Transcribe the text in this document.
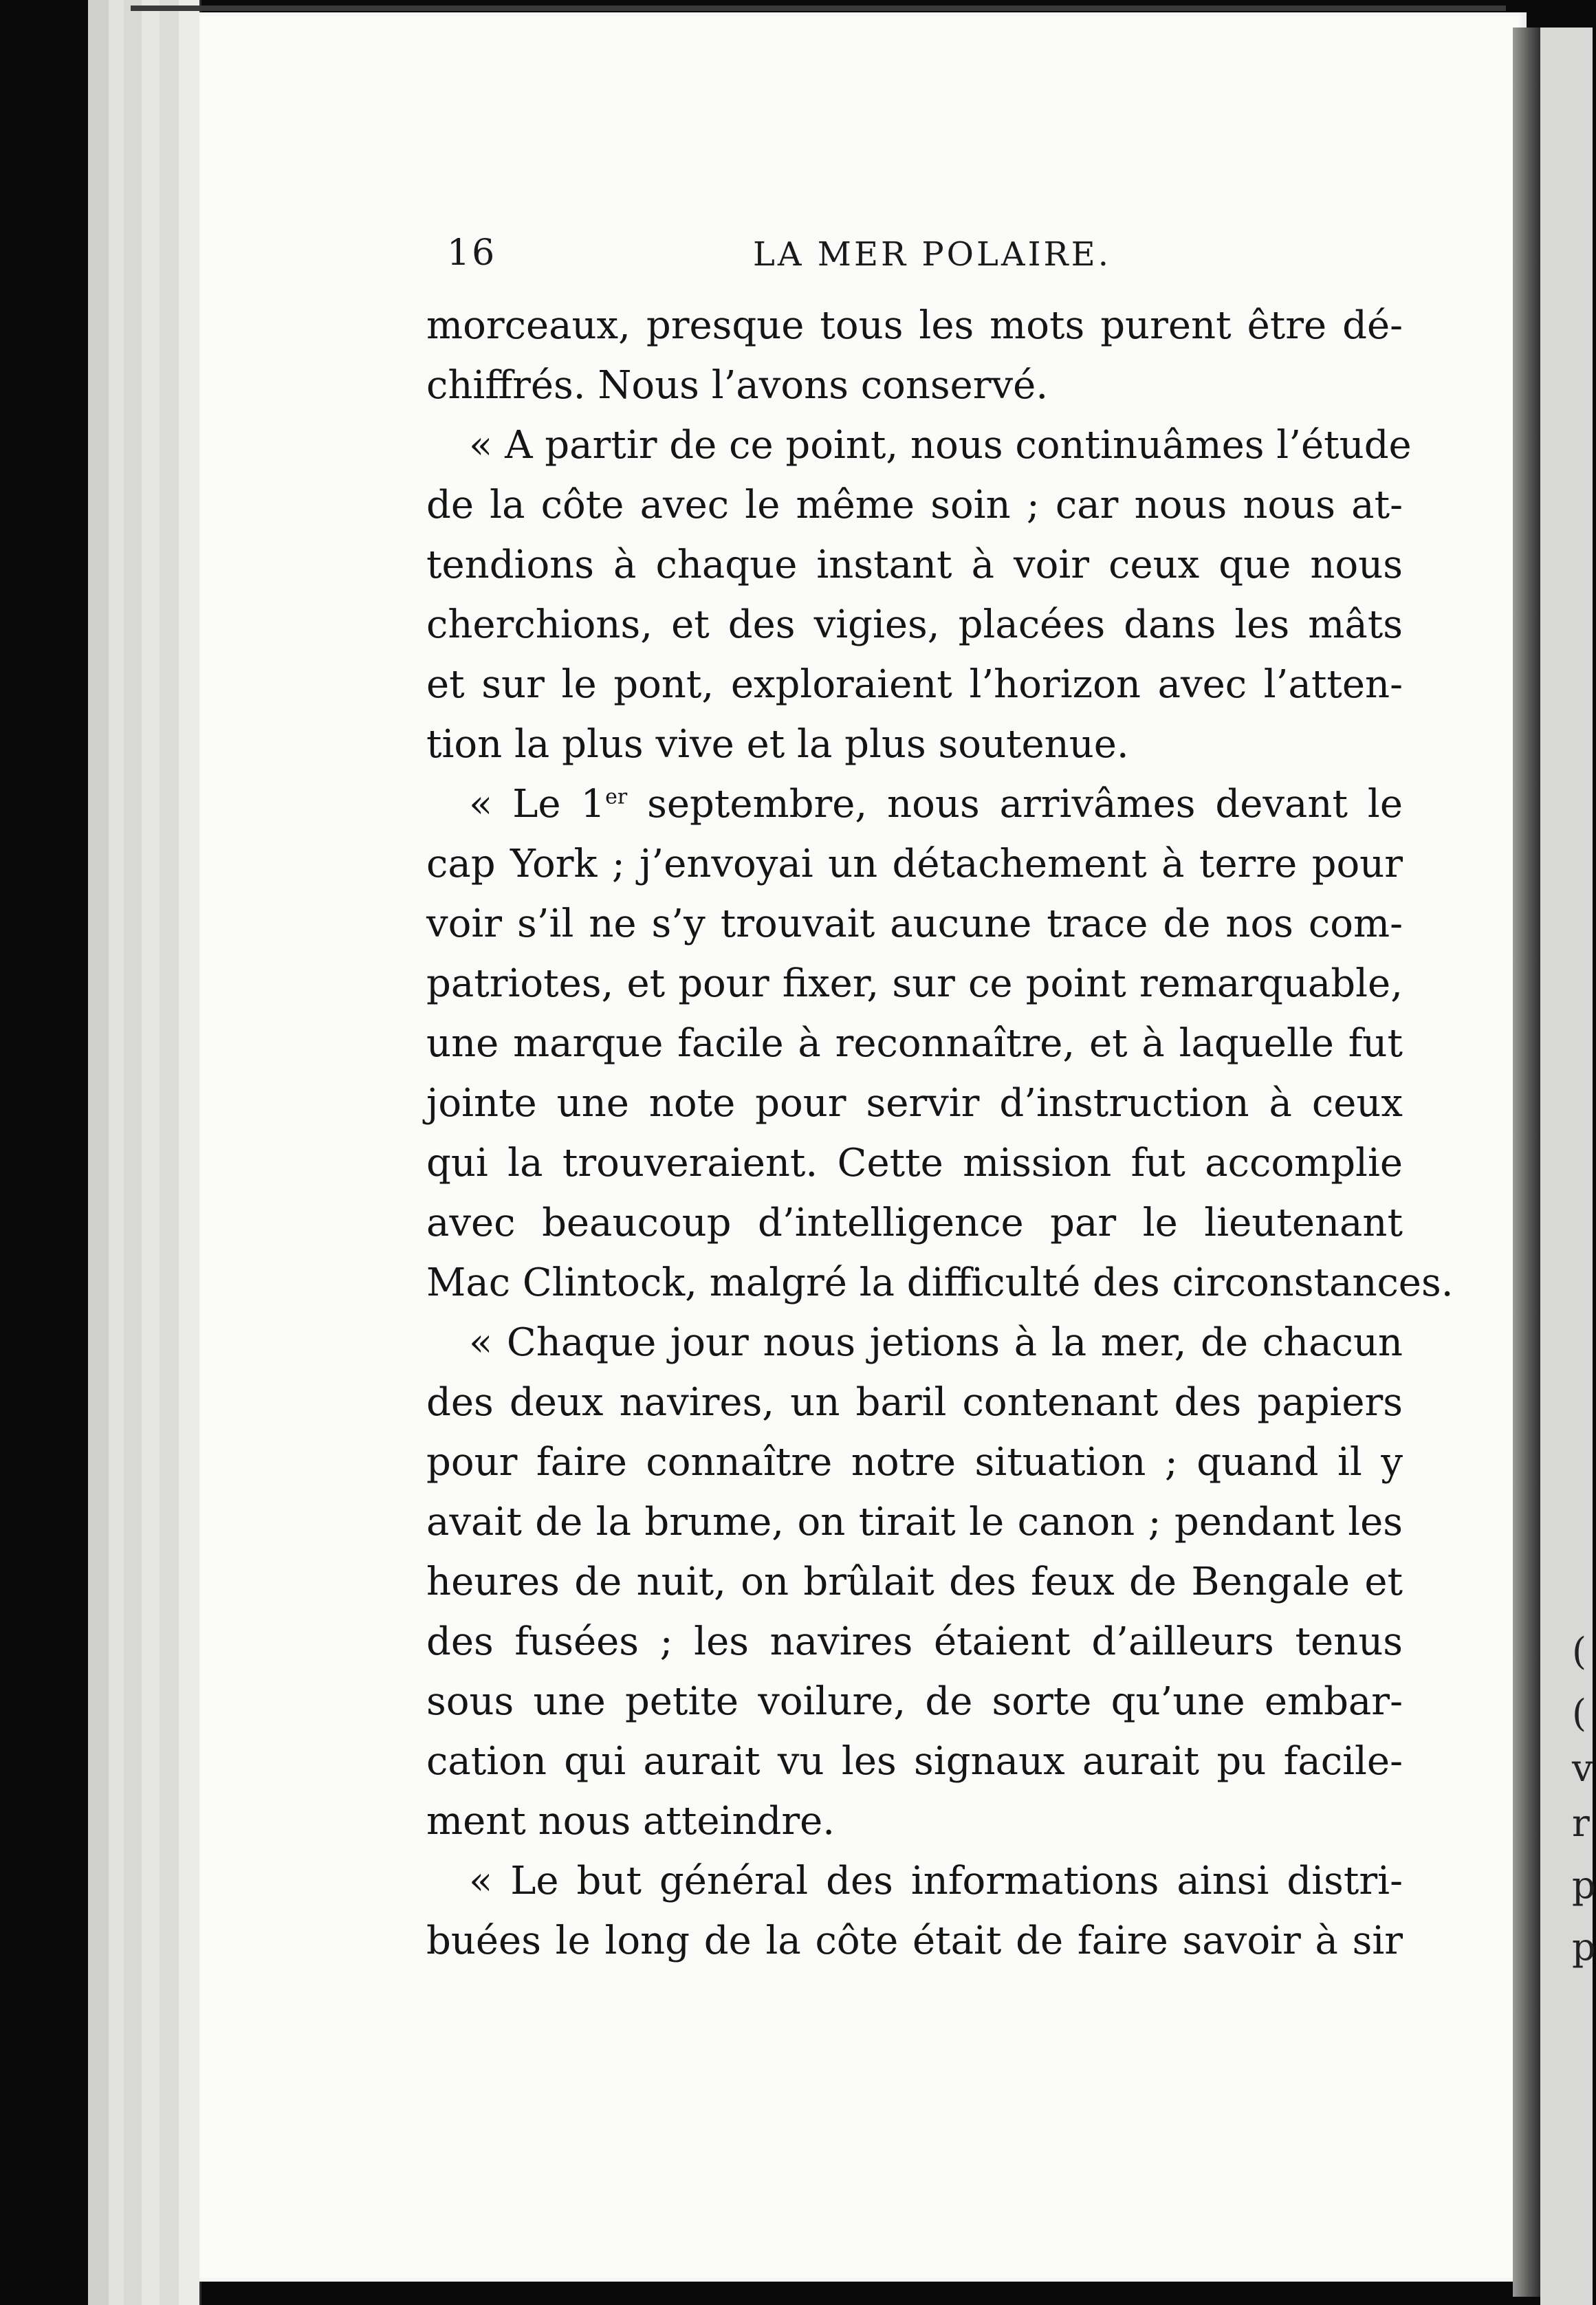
(
(
v
r
p
p
16	LA MER POLAIRE.
morceaux, presque tous les mots purent être dé-
chiffrés. Nous l’avons conservé.
« A partir de ce point, nous continuâmes l’étude
de la côte avec le même soin ; car nous nous at-
tendions à chaque instant à voir ceux que nous
cherchions, et des vigies, placées dans les mâts
et sur le pont, exploraient l’horizon avec l’atten-
tion la plus vive et la plus soutenue.
« Le 1er septembre, nous arrivâmes devant le
cap York ; j’envoyai un détachement à terre pour
voir s’il ne s’y trouvait aucune trace de nos com-
patriotes, et pour fixer, sur ce point remarquable,
une marque facile à reconnaître, et à laquelle fut
jointe une note pour servir d’instruction à ceux
qui la trouveraient. Cette mission fut accomplie
avec beaucoup d’intelligence par le lieutenant
Mac Clintock, malgré la difficulté des circonstances.
« Chaque jour nous jetions à la mer, de chacun
des deux navires, un baril contenant des papiers
pour faire connaître notre situation ; quand il y
avait de la brume, on tirait le canon ; pendant les
heures de nuit, on brûlait des feux de Bengale et
des fusées ; les navires étaient d’ailleurs tenus
sous une petite voilure, de sorte qu’une embar-
cation qui aurait vu les signaux aurait pu facile-
ment nous atteindre.
« Le but général des informations ainsi distri-
buées le long de la côte était de faire savoir à sir
